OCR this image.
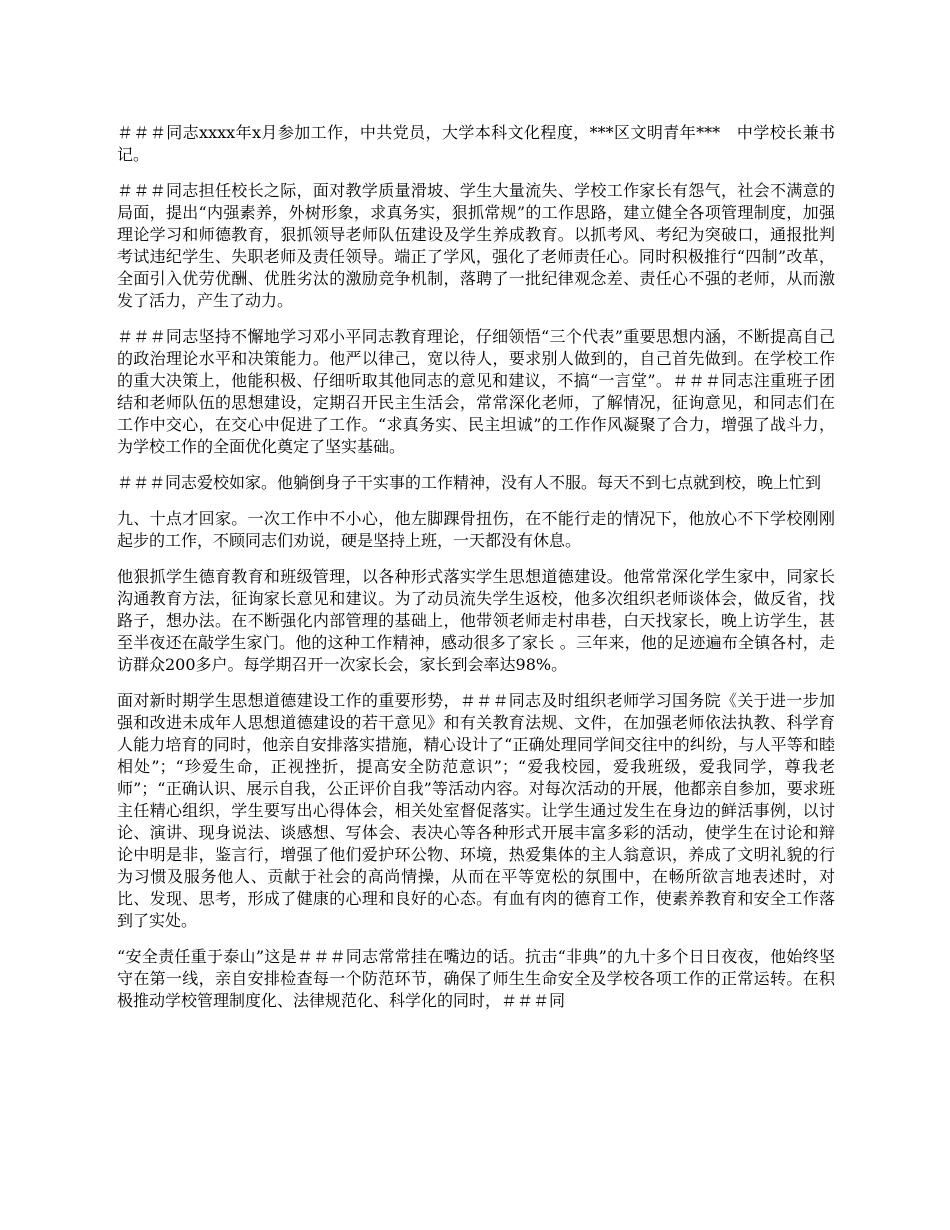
＃＃＃同志xxxx年x月参加工作，中共党员，大学本科文化程度，***区文明青年***　中学校长兼书记。

＃＃＃同志担任校长之际，面对教学质量滑坡、学生大量流失、学校工作家长有怨气，社会不满意的局面，提出“内强素养，外树形象，求真务实，狠抓常规”的工作思路，建立健全各项管理制度，加强理论学习和师德教育，狠抓领导老师队伍建设及学生养成教育。以抓考风、考纪为突破口，通报批判考试违纪学生、失职老师及责任领导。端正了学风，强化了老师责任心。同时积极推行“四制”改革，全面引入优劳优酬、优胜劣汰的激励竞争机制，落聘了一批纪律观念差、责任心不强的老师，从而激发了活力，产生了动力。

＃＃＃同志坚持不懈地学习邓小平同志教育理论，仔细领悟“三个代表”重要思想内涵，不断提高自己的政治理论水平和决策能力。他严以律己，宽以待人，要求别人做到的，自己首先做到。在学校工作的重大决策上，他能积极、仔细听取其他同志的意见和建议，不搞“一言堂”。＃＃＃同志注重班子团结和老师队伍的思想建设，定期召开民主生活会，常常深化老师，了解情况，征询意见，和同志们在工作中交心，在交心中促进了工作。“求真务实、民主坦诚”的工作作风凝聚了合力，增强了战斗力，为学校工作的全面优化奠定了坚实基础。

＃＃＃同志爱校如家。他躺倒身子干实事的工作精神，没有人不服。每天不到七点就到校，晚上忙到

九、十点才回家。一次工作中不小心，他左脚踝骨扭伤，在不能行走的情况下，他放心不下学校刚刚起步的工作，不顾同志们劝说，硬是坚持上班，一天都没有休息。

他狠抓学生德育教育和班级管理，以各种形式落实学生思想道德建设。他常常深化学生家中，同家长沟通教育方法，征询家长意见和建议。为了动员流失学生返校，他多次组织老师谈体会，做反省，找路子，想办法。在不断强化内部管理的基础上，他带领老师走村串巷，白天找家长，晚上访学生，甚至半夜还在敲学生家门。他的这种工作精神，感动很多了家长 。三年来，他的足迹遍布全镇各村，走访群众200多户。每学期召开一次家长会，家长到会率达98%。

面对新时期学生思想道德建设工作的重要形势，＃＃＃同志及时组织老师学习国务院《关于进一步加强和改进未成年人思想道德建设的若干意见》和有关教育法规、文件，在加强老师依法执教、科学育人能力培育的同时，他亲自安排落实措施，精心设计了“正确处理同学间交往中的纠纷，与人平等和睦相处”；“珍爱生命，正视挫折，提高安全防范意识”；“爱我校园，爱我班级，爱我同学，尊我老师”；“正确认识、展示自我，公正评价自我”等活动内容。对每次活动的开展，他都亲自参加，要求班主任精心组织，学生要写出心得体会，相关处室督促落实。让学生通过发生在身边的鲜活事例，以讨论、演讲、现身说法、谈感想、写体会、表决心等各种形式开展丰富多彩的活动，使学生在讨论和辩论中明是非，鉴言行，增强了他们爱护环公物、环境，热爱集体的主人翁意识，养成了文明礼貌的行为习惯及服务他人、贡献于社会的高尚情操，从而在平等宽松的氛围中，在畅所欲言地表述时，对比、发现、思考，形成了健康的心理和良好的心态。有血有肉的德育工作，使素养教育和安全工作落到了实处。

“安全责任重于泰山”这是＃＃＃同志常常挂在嘴边的话。抗击“非典”的九十多个日日夜夜，他始终坚守在第一线，亲自安排检查每一个防范环节，确保了师生生命安全及学校各项工作的正常运转。在积极推动学校管理制度化、法律规范化、科学化的同时，＃＃＃同
